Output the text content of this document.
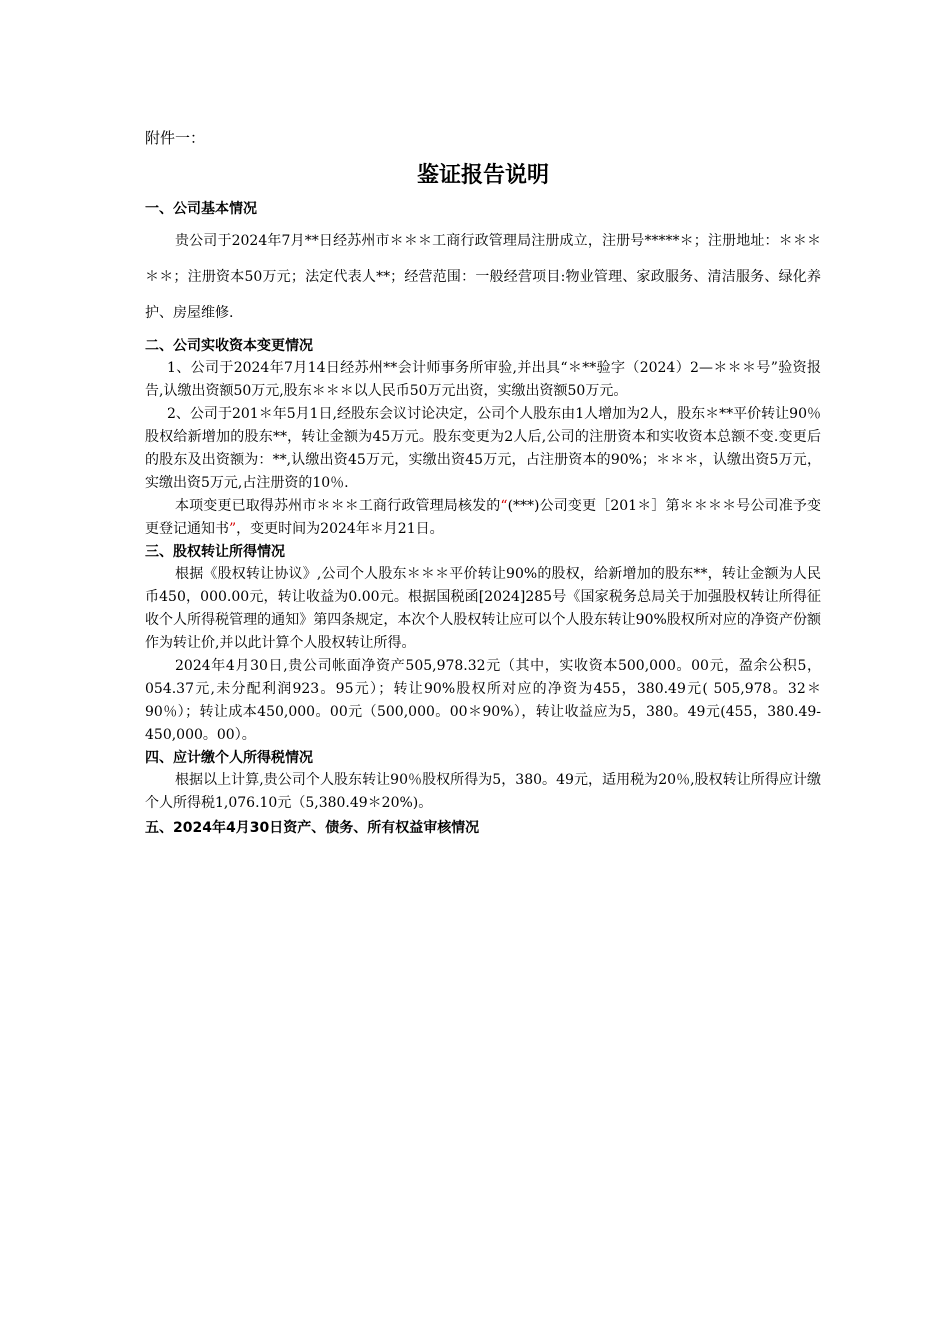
附件一：
鉴证报告说明
一、公司基本情况

贵公司于2024年7月**日经苏州市＊＊＊工商行政管理局注册成立，注册号*****＊；注册地址：＊＊＊＊＊；注册资本50万元；法定代表人**；经营范围：一般经营项目:物业管理、家政服务、清洁服务、绿化养护、房屋维修.

二、公司实收资本变更情况

1、公司于2024年7月14日经苏州**会计师事务所审验,并出具“＊**验字（2024）2—＊＊＊号”验资报告,认缴出资额50万元,股东＊＊＊以人民币50万元出资，实缴出资额50万元。

2、公司于201＊年5月1日,经股东会议讨论决定，公司个人股东由1人增加为2人，股东＊**平价转让90％股权给新增加的股东**，转让金额为45万元。股东变更为2人后,公司的注册资本和实收资本总额不变.变更后的股东及出资额为：**,认缴出资45万元，实缴出资45万元，占注册资本的90%；＊＊＊，认缴出资5万元，实缴出资5万元,占注册资的10％.

本项变更已取得苏州市＊＊＊工商行政管理局核发的“(***)公司变更［201＊］第＊＊＊＊号公司准予变更登记通知书”，变更时间为2024年＊月21日。

三、股权转让所得情况

根据《股权转让协议》,公司个人股东＊＊＊平价转让90%的股权，给新增加的股东**，转让金额为人民币450，000.00元，转让收益为0.00元。根据国税函[2024]285号《国家税务总局关于加强股权转让所得征收个人所得税管理的通知》第四条规定，本次个人股权转让应可以个人股东转让90%股权所对应的净资产份额作为转让价,并以此计算个人股权转让所得。

2024年4月30日,贵公司帐面净资产505,978.32元（其中，实收资本500,000。00元，盈余公积5，054.37元,未分配利润923。95元）；转让90%股权所对应的净资为455，380.49元( 505,978。32＊90％）；转让成本450,000。00元（500,000。00＊90%），转让收益应为5，380。49元(455，380.49-450,000。00）。

四、应计缴个人所得税情况

根据以上计算,贵公司个人股东转让90％股权所得为5，380。49元，适用税为20％,股权转让所得应计缴个人所得税1,076.10元（5,380.49＊20%)。

五、2024年4月30日资产、债务、所有权益审核情况
